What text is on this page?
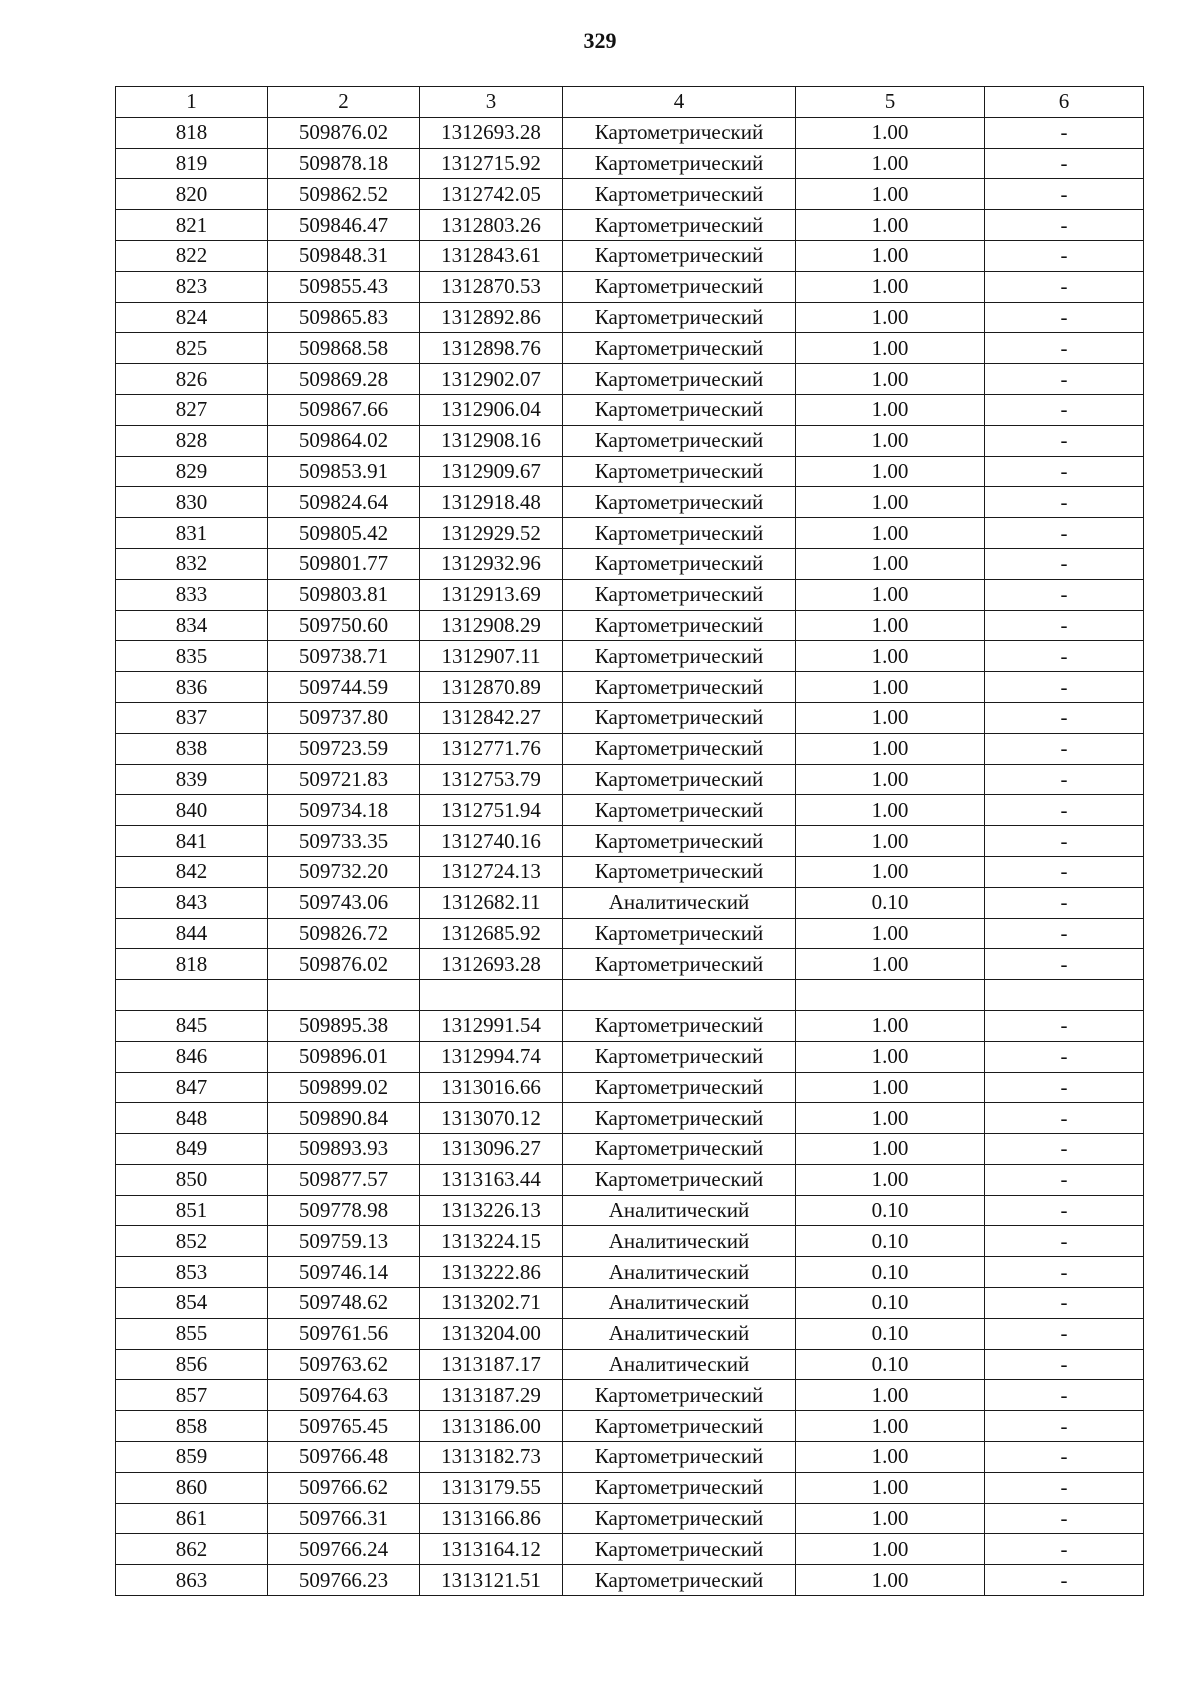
329
1	2	3	4	5	6
818	509876.02	1312693.28	Картометрический	1.00	-
819	509878.18	1312715.92	Картометрический	1.00	-
820	509862.52	1312742.05	Картометрический	1.00	-
821	509846.47	1312803.26	Картометрический	1.00	-
822	509848.31	1312843.61	Картометрический	1.00	-
823	509855.43	1312870.53	Картометрический	1.00	-
824	509865.83	1312892.86	Картометрический	1.00	-
825	509868.58	1312898.76	Картометрический	1.00	-
826	509869.28	1312902.07	Картометрический	1.00	-
827	509867.66	1312906.04	Картометрический	1.00	-
828	509864.02	1312908.16	Картометрический	1.00	-
829	509853.91	1312909.67	Картометрический	1.00	-
830	509824.64	1312918.48	Картометрический	1.00	-
831	509805.42	1312929.52	Картометрический	1.00	-
832	509801.77	1312932.96	Картометрический	1.00	-
833	509803.81	1312913.69	Картометрический	1.00	-
834	509750.60	1312908.29	Картометрический	1.00	-
835	509738.71	1312907.11	Картометрический	1.00	-
836	509744.59	1312870.89	Картометрический	1.00	-
837	509737.80	1312842.27	Картометрический	1.00	-
838	509723.59	1312771.76	Картометрический	1.00	-
839	509721.83	1312753.79	Картометрический	1.00	-
840	509734.18	1312751.94	Картометрический	1.00	-
841	509733.35	1312740.16	Картометрический	1.00	-
842	509732.20	1312724.13	Картометрический	1.00	-
843	509743.06	1312682.11	Аналитический	0.10	-
844	509826.72	1312685.92	Картометрический	1.00	-
818	509876.02	1312693.28	Картометрический	1.00	-

845	509895.38	1312991.54	Картометрический	1.00	-
846	509896.01	1312994.74	Картометрический	1.00	-
847	509899.02	1313016.66	Картометрический	1.00	-
848	509890.84	1313070.12	Картометрический	1.00	-
849	509893.93	1313096.27	Картометрический	1.00	-
850	509877.57	1313163.44	Картометрический	1.00	-
851	509778.98	1313226.13	Аналитический	0.10	-
852	509759.13	1313224.15	Аналитический	0.10	-
853	509746.14	1313222.86	Аналитический	0.10	-
854	509748.62	1313202.71	Аналитический	0.10	-
855	509761.56	1313204.00	Аналитический	0.10	-
856	509763.62	1313187.17	Аналитический	0.10	-
857	509764.63	1313187.29	Картометрический	1.00	-
858	509765.45	1313186.00	Картометрический	1.00	-
859	509766.48	1313182.73	Картометрический	1.00	-
860	509766.62	1313179.55	Картометрический	1.00	-
861	509766.31	1313166.86	Картометрический	1.00	-
862	509766.24	1313164.12	Картометрический	1.00	-
863	509766.23	1313121.51	Картометрический	1.00	-
